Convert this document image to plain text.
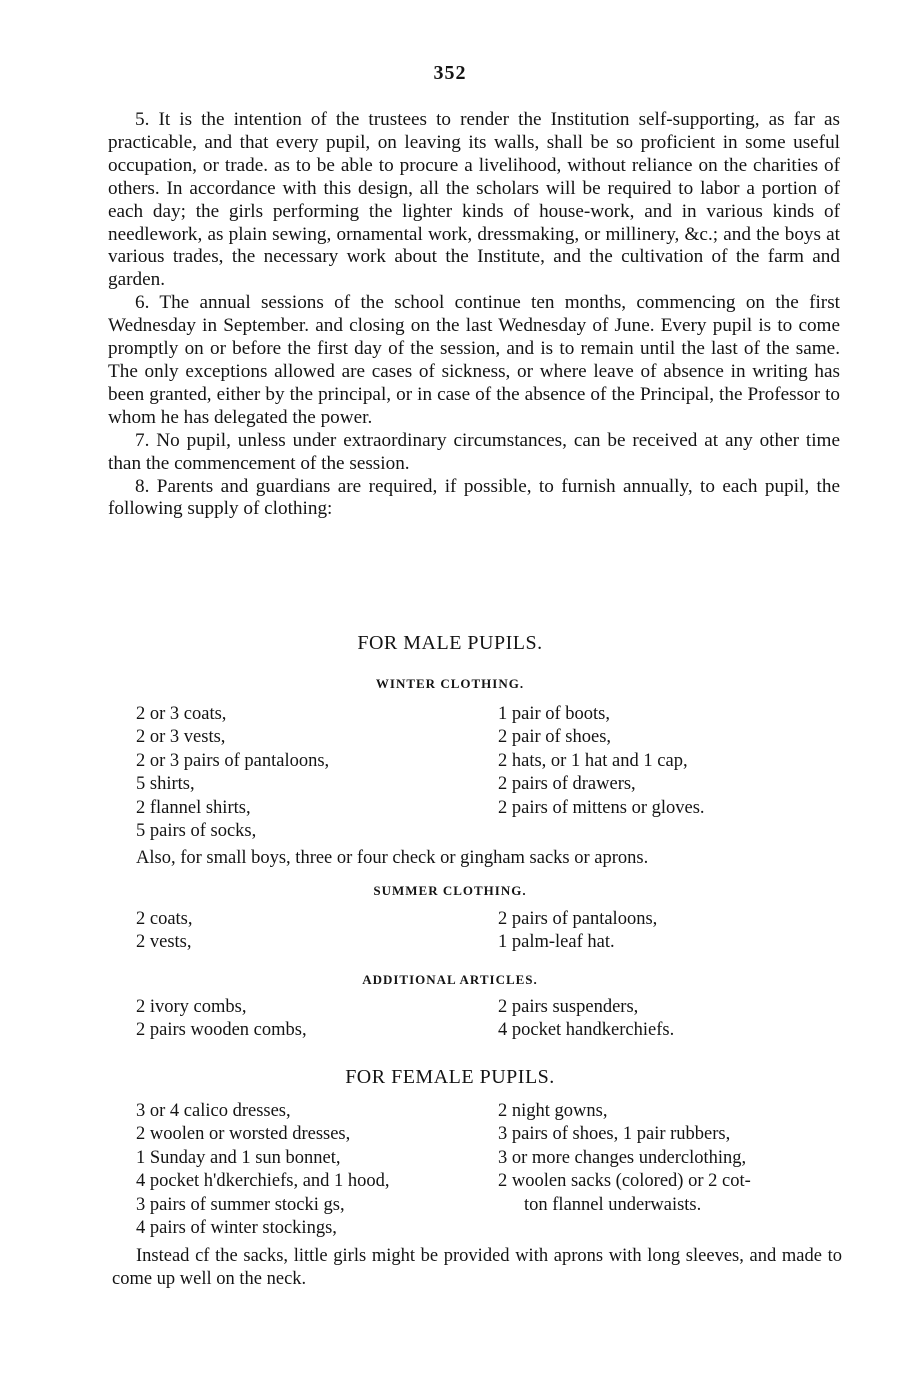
352

5. It is the intention of the trustees to render the Institution self-supporting, as far as practicable, and that every pupil, on leaving its walls, shall be so proficient in some useful occupation, or trade. as to be able to procure a livelihood, without reliance on the charities of others. In accordance with this design, all the scholars will be required to labor a portion of each day; the girls performing the lighter kinds of house-work, and in various kinds of needlework, as plain sewing, ornamental work, dressmaking, or millinery, &c.; and the boys at various trades, the necessary work about the Institute, and the cultivation of the farm and garden.

6. The annual sessions of the school continue ten months, commencing on the first Wednesday in September. and closing on the last Wednesday of June. Every pupil is to come promptly on or before the first day of the session, and is to remain until the last of the same. The only exceptions allowed are cases of sickness, or where leave of absence in writing has been granted, either by the principal, or in case of the absence of the Principal, the Professor to whom he has delegated the power.

7. No pupil, unless under extraordinary circumstances, can be received at any other time than the commencement of the session.

8. Parents and guardians are required, if possible, to furnish annually, to each pupil, the following supply of clothing:

FOR MALE PUPILS.
WINTER CLOTHING.
2 or 3 coats,
2 or 3 vests,
2 or 3 pairs of pantaloons,
5 shirts,
2 flannel shirts,
5 pairs of socks,
1 pair of boots,
2 pair of shoes,
2 hats, or 1 hat and 1 cap,
2 pairs of drawers,
2 pairs of mittens or gloves.
Also, for small boys, three or four check or gingham sacks or aprons.
SUMMER CLOTHING.
2 coats,
2 vests,
2 pairs of pantaloons,
1 palm-leaf hat.
ADDITIONAL ARTICLES.
2 ivory combs,
2 pairs wooden combs,
2 pairs suspenders,
4 pocket handkerchiefs.
FOR FEMALE PUPILS.
3 or 4 calico dresses,
2 woolen or worsted dresses,
1 Sunday and 1 sun bonnet,
4 pocket h'dkerchiefs, and 1 hood,
3 pairs of summer stocki gs,
4 pairs of winter stockings,
2 night gowns,
3 pairs of shoes, 1 pair rubbers,
3 or more changes underclothing,
2 woolen sacks (colored) or 2 cot-
ton flannel underwaists.
Instead cf the sacks, little girls might be provided with aprons with long sleeves, and made to come up well on the neck.
